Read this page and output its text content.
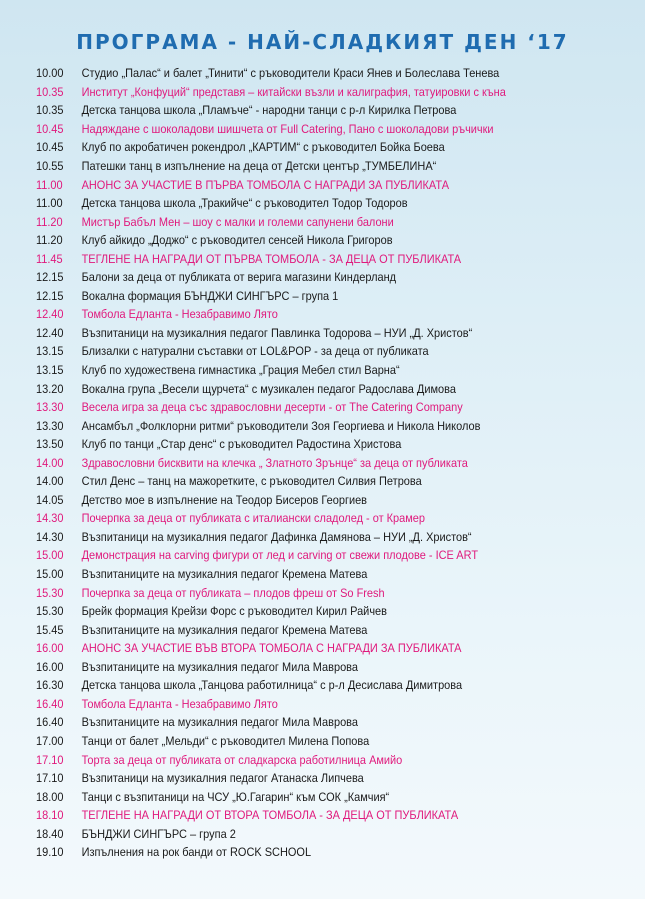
ПРОГРАМА - НАЙ-СЛАДКИЯТ ДЕН ‘17
10.00	Студио „Палас“ и балет „Тинити“ с ръководители Краси Янев и Болеслава Тенева
10.35	Институт „Конфуций“ представя – китайски възли и калиграфия, татуировки с къна
10.35	Детска танцова школа „Пламъче“ - народни танци с р-л Кирилка Петрова
10.45	Надяждане с шоколадови шишчета от Full Catering, Пано с шоколадови ръчички
10.45	Клуб по акробатичен рокендрол „КАРТИМ“ с ръководител Бойка Боева
10.55	Патешки танц в изпълнение на деца от Детски център „ТУМБЕЛИНА“
11.00	АНОНС ЗА УЧАСТИЕ В ПЪРВА ТОМБОЛА С НАГРАДИ ЗА ПУБЛИКАТА
11.00	Детска танцова школа „Тракийче“ с ръководител Тодор Тодоров
11.20	Мистър Бабъл Мен – шоу с малки и големи сапунени балони
11.20	Клуб айкидо „Доджо“ с ръководител сенсей Никола Григоров
11.45	ТЕГЛЕНЕ НА НАГРАДИ ОТ ПЪРВА ТОМБОЛА - ЗА ДЕЦА ОТ ПУБЛИКАТА
12.15	Балони за деца от публиката от верига магазини Киндерланд
12.15	Вокална формация БЪНДЖИ СИНГЪРС – група 1
12.40	Томбола Едланта - Незабравимо Лято
12.40	Възпитаници на музикалния педагог Павлинка Тодорова – НУИ „Д. Христов“
13.15	Близалки с натурални съставки от LOL&POP - за деца от публиката
13.15	Клуб по художествена гимнастика „Грация Мебел стил Варна“
13.20	Вокална група „Весели щурчета“ с музикален педагог Радослава Димова
13.30	Весела игра за деца със здравословни десерти - от The Catering Company
13.30	Ансамбъл „Фолклорни ритми“ ръководители Зоя Георгиева и Никола Николов
13.50	Клуб по танци „Стар денс“ с ръководител Радостина Христова
14.00	Здравословни бисквити на клечка „ Златното Зрънце“ за деца от публиката
14.00	Стил Денс – танц на мажоретките, с ръководител Силвия Петрова
14.05	Детство мое в изпълнение на Теодор Бисеров Георгиев
14.30	Почерпка за деца от публиката с италиански сладолед - от Крамер
14.30	Възпитаници на музикалния педагог Дафинка Дамянова – НУИ „Д. Христов“
15.00	Демонстрация на carving фигури от лед и carving от свежи плодове - ICE ART
15.00	Възпитаниците на музикалния педагог Кремена Матева
15.30	Почерпка за деца от публиката – плодов фреш от So Fresh
15.30	Брейк формация Крейзи Форс с ръководител Кирил Райчев
15.45	Възпитаниците на музикалния педагог Кремена Матева
16.00	АНОНС ЗА УЧАСТИЕ ВЪВ ВТОРА ТОМБОЛА С НАГРАДИ ЗА ПУБЛИКАТА
16.00	Възпитаниците на музикалния педагог Мила Маврова
16.30	Детска танцова школа „Танцова работилница“ с р-л Десислава Димитрова
16.40	Томбола Едланта - Незабравимо Лято
16.40	Възпитаниците на музикалния педагог Мила Маврова
17.00	Танци от балет „Мельди“ с ръководител Милена Попова
17.10	Торта за деца от публиката от сладкарска работилница Амийо
17.10	Възпитаници на музикалния педагог Атанаска Липчева
18.00	Танци с възпитаници на ЧСУ „Ю.Гагарин“ към СОК „Камчия“
18.10	ТЕГЛЕНЕ НА НАГРАДИ ОТ ВТОРА ТОМБОЛА - ЗА ДЕЦА ОТ ПУБЛИКАТА
18.40	БЪНДЖИ СИНГЪРС – група 2
19.10	Изпълнения на рок банди от ROCK SCHOOL
